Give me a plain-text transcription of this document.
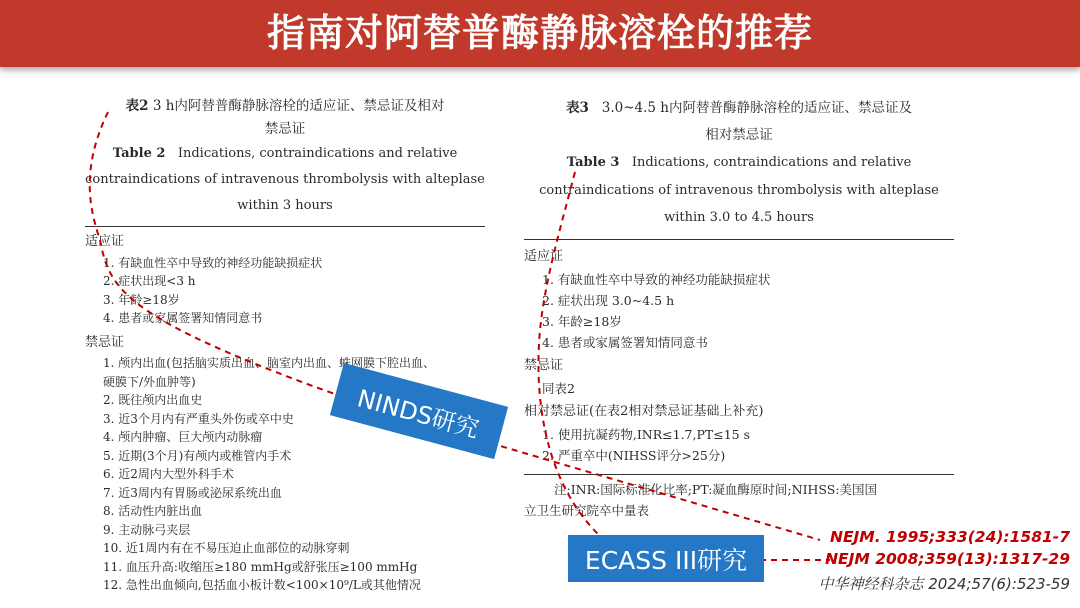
指南对阿替普酶静脉溶栓的推荐
表2 3 h内阿替普酶静脉溶栓的适应证、禁忌证及相对
禁忌证
Table 2 Indications, contraindications and relative
contraindications of intravenous thrombolysis with alteplase
within 3 hours
适应证
1. 有缺血性卒中导致的神经功能缺损症状
2. 症状出现<3 h
3. 年龄≥18岁
4. 患者或家属签署知情同意书
禁忌证
1. 颅内出血(包括脑实质出血、脑室内出血、蛛网膜下腔出血、
硬膜下/外血肿等)
2. 既往颅内出血史
3. 近3个月内有严重头外伤或卒中史
4. 颅内肿瘤、巨大颅内动脉瘤
5. 近期(3个月)有颅内或椎管内手术
6. 近2周内大型外科手术
7. 近3周内有胃肠或泌尿系统出血
8. 活动性内脏出血
9. 主动脉弓夹层
10. 近1周内有在不易压迫止血部位的动脉穿刺
11. 血压升高:收缩压≥180 mmHg或舒张压≥100 mmHg
12. 急性出血倾向,包括血小板计数<100×10⁹/L或其他情况
表3 3.0~4.5 h内阿替普酶静脉溶栓的适应证、禁忌证及
相对禁忌证
Table 3 Indications, contraindications and relative
contraindications of intravenous thrombolysis with alteplase
within 3.0 to 4.5 hours
适应证
1. 有缺血性卒中导致的神经功能缺损症状
2. 症状出现 3.0~4.5 h
3. 年龄≥18岁
4. 患者或家属签署知情同意书
禁忌证
同表2
相对禁忌证(在表2相对禁忌证基础上补充)
1. 使用抗凝药物,INR≤1.7,PT≤15 s
2. 严重卒中(NIHSS评分>25分)
注:INR:国际标准化比率;PT:凝血酶原时间;NIHSS:美国国
立卫生研究院卒中量表
NINDS研究
ECASS III研究
NEJM. 1995;333(24):1581-7
NEJM 2008;359(13):1317-29
中华神经科杂志 2024;57(6):523-59
